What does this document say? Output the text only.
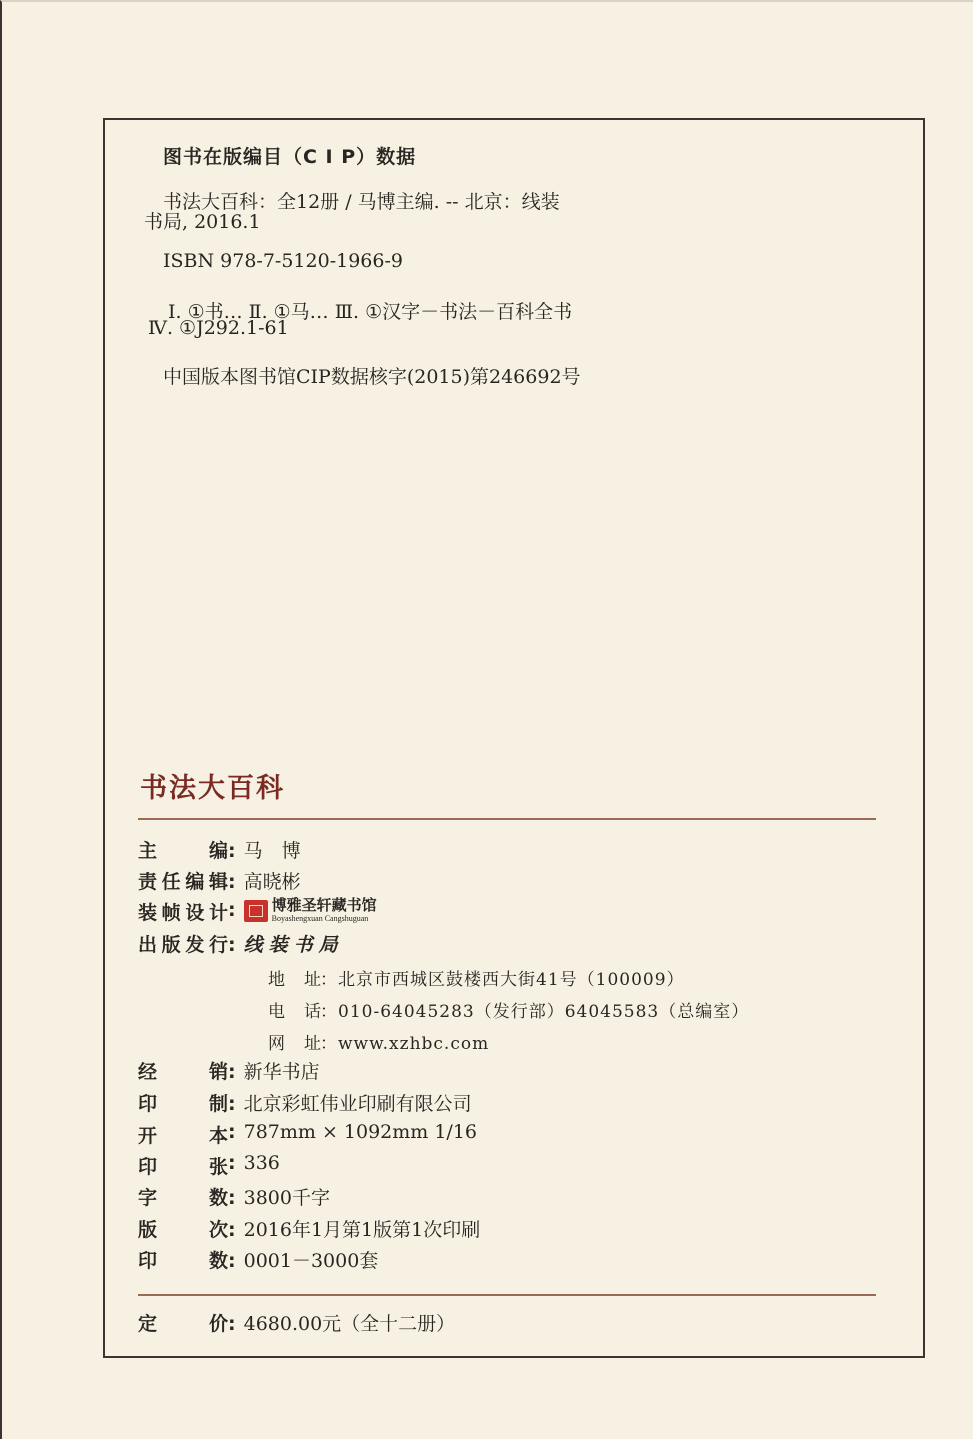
图书在版编目（C I P）数据
书法大百科：全12册 / 马博主编. -- 北京：线装
书局, 2016.1
ISBN 978-7-5120-1966-9
Ⅰ. ①书… Ⅱ. ①马… Ⅲ. ①汉字－书法－百科全书
Ⅳ. ①J292.1-61
中国版本图书馆CIP数据核字(2015)第246692号
书法大百科
主　　编: 马　博
责任编辑: 高晓彬
装帧设计: 博雅圣轩藏书馆
Boyashengxuan Cangshuguan
出版发行: 线装书局
地　址：北京市西城区鼓楼西大街41号（100009）
电　话：010-64045283（发行部）64045583（总编室）
网　址：www.xzhbc.com
经　　销: 新华书店
印　　制: 北京彩虹伟业印刷有限公司
开　　本: 787mm × 1092mm 1/16
印　　张: 336
字　　数: 3800千字
版　　次: 2016年1月第1版第1次印刷
印　　数: 0001－3000套
定　　价: 4680.00元（全十二册）
